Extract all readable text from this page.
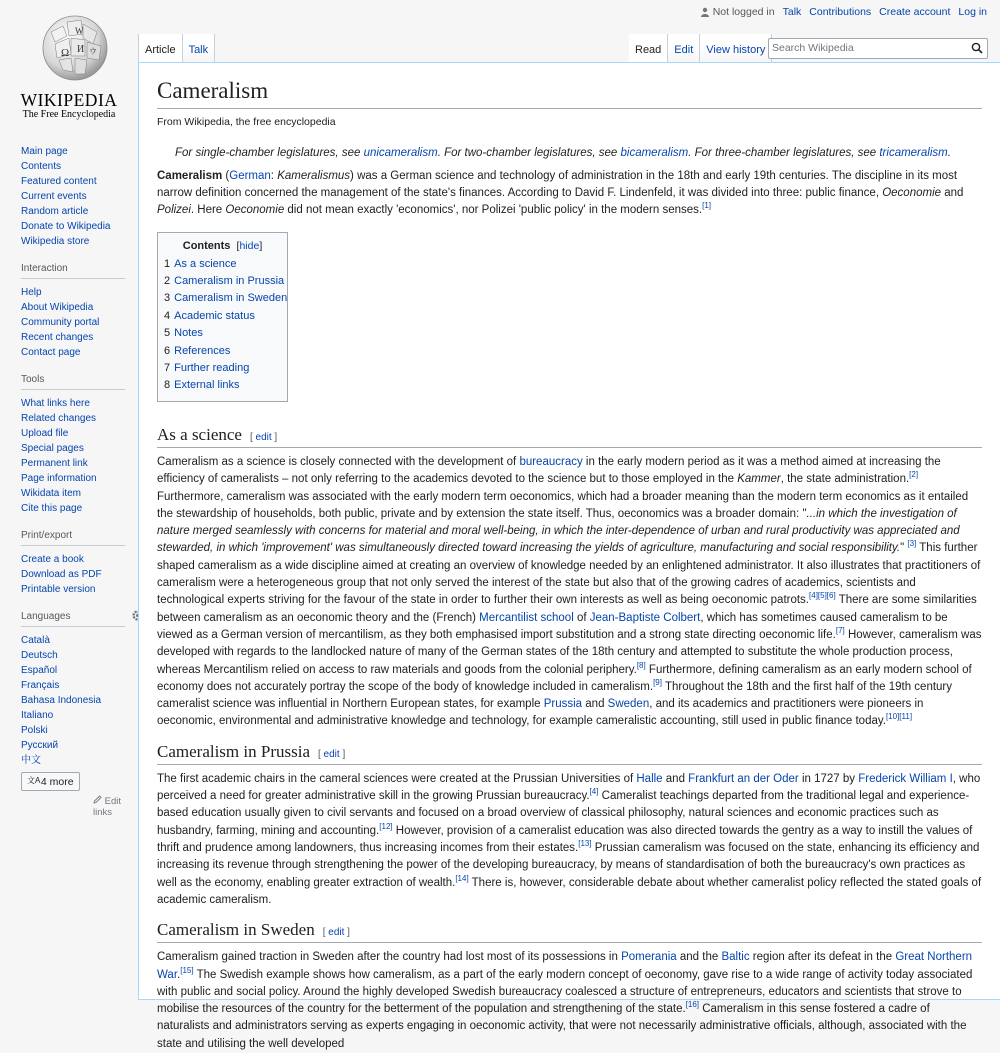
Ω
W
И ウ
WIKIPEDIA
The Free Encyclopedia
Not logged in Talk Contributions Create account Log in
Article	Talk	Read	Edit	View history Search Wikipedia
Main page
Contents
Featured content
Current events
Random article
Donate to Wikipedia
Wikipedia store
Interaction
Help
About Wikipedia
Community portal
Recent changes
Contact page
Tools
What links here
Related changes
Upload file
Special pages
Permanent link
Page information
Wikidata item
Cite this page
Print/export
Create a book
Download as PDF
Printable version
Languages
Català
Deutsch
Español
Français
Bahasa Indonesia
Italiano
Polski
Русский
中文
文A 4 more
Edit links
Cameralism
From Wikipedia, the free encyclopedia
For single-chamber legislatures, see unicameralism. For two-chamber legislatures, see bicameralism. For three-chamber legislatures, see tricameralism.

Cameralism (German: Kameralismus) was a German science and technology of administration in the 18th and early 19th centuries. The discipline in its most narrow definition concerned the management of the state's finances. According to David F. Lindenfeld, it was divided into three: public finance, Oeconomie and Polizei. Here Oeconomie did not mean exactly 'economics', nor Polizei 'public policy' in the modern senses.[1]

Contents [hide]
1 As a science
2 Cameralism in Prussia
3 Cameralism in Sweden
4 Academic status
5 Notes
6 References
7 Further reading
8 External links
As a science [ edit ]

Cameralism as a science is closely connected with the development of bureaucracy in the early modern period as it was a method aimed at increasing the efficiency of cameralists – not only referring to the academics devoted to the science but to those employed in the Kammer, the state administration.[2] Furthermore, cameralism was associated with the early modern term oeconomics, which had a broader meaning than the modern term economics as it entailed the stewardship of households, both public, private and by extension the state itself. Thus, oeconomics was a broader domain: "...in which the investigation of nature merged seamlessly with concerns for material and moral well-being, in which the inter-dependence of urban and rural productivity was appreciated and stewarded, in which 'improvement' was simultaneously directed toward increasing the yields of agriculture, manufacturing and social responsibility." [3] This further shaped cameralism as a wide discipline aimed at creating an overview of knowledge needed by an enlightened administrator. It also illustrates that practitioners of cameralism were a heterogeneous group that not only served the interest of the state but also that of the growing cadres of academics, scientists and technological experts striving for the favour of the state in order to further their own interests as well as being oeconomic patrots.[4][5][6] There are some similarities between cameralism as an oeconomic theory and the (French) Mercantilist school of Jean-Baptiste Colbert, which has sometimes caused cameralism to be viewed as a German version of mercantilism, as they both emphasised import substitution and a strong state directing oeconomic life.[7] However, cameralism was developed with regards to the landlocked nature of many of the German states of the 18th century and attempted to substitute the whole production process, whereas Mercantilism relied on access to raw materials and goods from the colonial periphery.[8] Furthermore, defining cameralism as an early modern school of economy does not accurately portray the scope of the body of knowledge included in cameralism.[9] Throughout the 18th and the first half of the 19th century cameralist science was influential in Northern European states, for example Prussia and Sweden, and its academics and practitioners were pioneers in oeconomic, environmental and administrative knowledge and technology, for example cameralistic accounting, still used in public finance today.[10][11]

Cameralism in Prussia [ edit ]

The first academic chairs in the cameral sciences were created at the Prussian Universities of Halle and Frankfurt an der Oder in 1727 by Frederick William I, who perceived a need for greater administrative skill in the growing Prussian bureaucracy.[4] Cameralist teachings departed from the traditional legal and experience-based education usually given to civil servants and focused on a broad overview of classical philosophy, natural sciences and economic practices such as husbandry, farming, mining and accounting.[12] However, provision of a cameralist education was also directed towards the gentry as a way to instill the values of thrift and prudence among landowners, thus increasing incomes from their estates.[13] Prussian cameralism was focused on the state, enhancing its efficiency and increasing its revenue through strengthening the power of the developing bureaucracy, by means of standardisation of both the bureaucracy's own practices as well as the economy, enabling greater extraction of wealth.[14] There is, however, considerable debate about whether cameralist policy reflected the stated goals of academic cameralism.

Cameralism in Sweden [ edit ]

Cameralism gained traction in Sweden after the country had lost most of its possessions in Pomerania and the Baltic region after its defeat in the Great Northern War.[15] The Swedish example shows how cameralism, as a part of the early modern concept of oeconomy, gave rise to a wide range of activity today associated with public and social policy. Around the highly developed Swedish bureaucracy coalesced a structure of entrepreneurs, educators and scientists that strove to mobilise the resources of the country for the betterment of the population and strengthening of the state.[16] Cameralism in this sense fostered a cadre of naturalists and administrators serving as experts engaging in oeconomic activity, that were not necessarily administrative officials, although, associated with the state and utilising the well developed
